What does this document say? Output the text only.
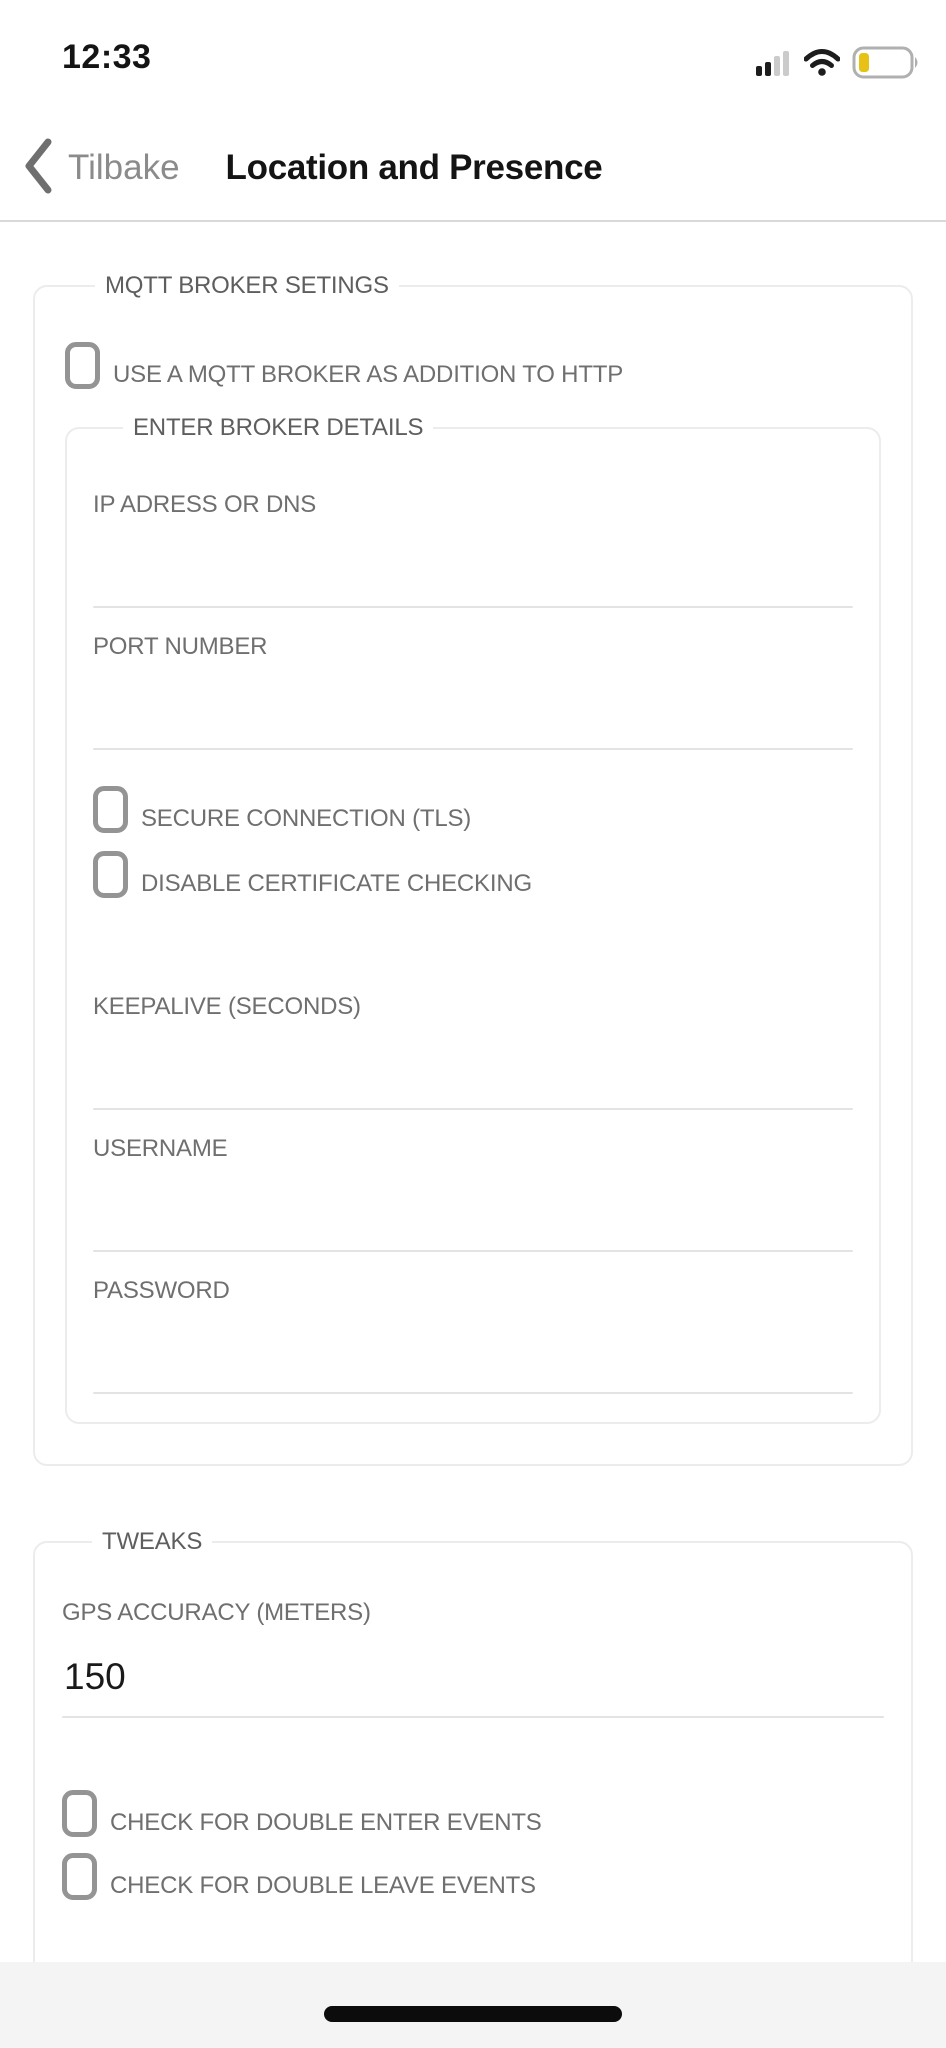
12:33
Tilbake Location and Presence
MQTT BROKER SETINGS
USE A MQTT BROKER AS ADDITION TO HTTP
ENTER BROKER DETAILS
IP ADRESS OR DNS
PORT NUMBER
SECURE CONNECTION (TLS)
DISABLE CERTIFICATE CHECKING
KEEPALIVE (SECONDS)
USERNAME
PASSWORD
TWEAKS
GPS ACCURACY (METERS)
150
CHECK FOR DOUBLE ENTER EVENTS
CHECK FOR DOUBLE LEAVE EVENTS
